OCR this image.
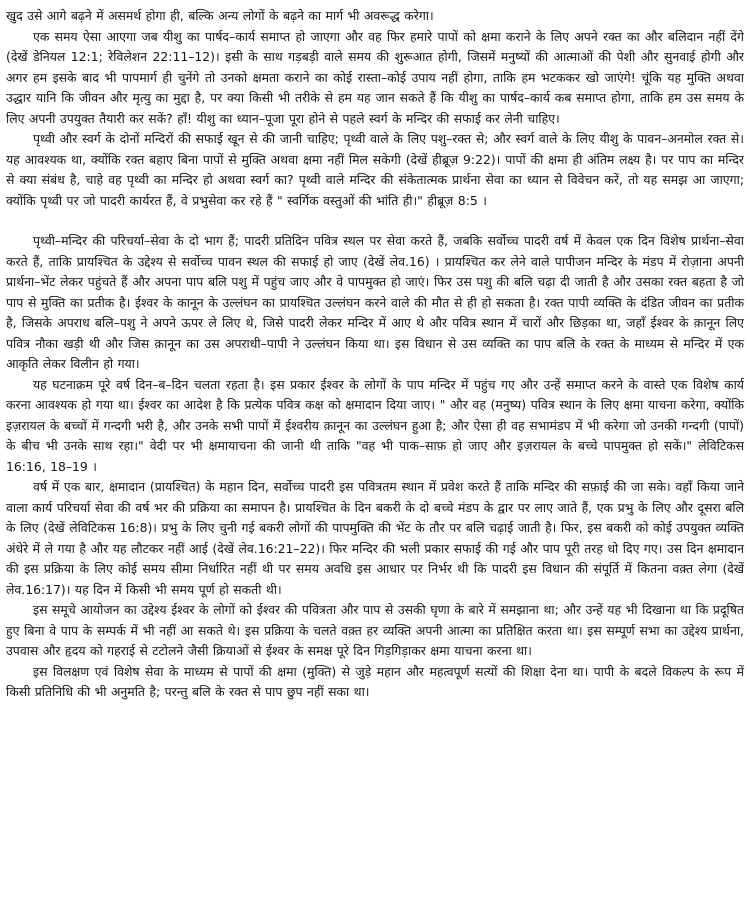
खुद उसे आगे बढ़ने में असमर्थ होगा ही, बल्कि अन्य लोगों के बढ़ने का मार्ग भी अवरूद्ध करेगा।

एक समय ऐसा आएगा जब यीशु का पार्षद–कार्य समाप्त हो जाएगा और वह फिर हमारे पापों को क्षमा कराने के लिए अपने रक्त का और बलिदान नहीं देंगे (देखें डेनियल 12:1; रेविलेशन 22:11–12)। इसी के साथ गड़बड़ी वाले समय की शुरूआत होगी, जिसमें मनुष्यों की आत्माओं की पेशी और सुनवाई होगी और अगर हम इसके बाद भी पापमार्ग ही चुनेंगे तो उनको क्षमता कराने का कोई रास्ता–कोई उपाय नहीं होगा, ताकि हम भटककर खो जाएंगे! चूंकि यह मुक्ति अथवा उद्धार यानि कि जीवन और मृत्यु का मुद्दा है, पर क्या किसी भी तरीके से हम यह जान सकते हैं कि यीशु का पार्षद–कार्य कब समाप्त होगा, ताकि हम उस समय के लिए अपनी उपयुक्त तैयारी कर सकें? हाँ! यीशु का ध्यान–पूजा पूरा होने से पहले स्वर्ग के मन्दिर की सफाई कर लेनी चाहिए।

पृथ्वी और स्वर्ग के दोनों मन्दिरों की सफाई खून से की जानी चाहिए; पृथ्वी वाले के लिए पशु–रक्त से; और स्वर्ग वाले के लिए यीशु के पावन–अनमोल रक्त से। यह आवश्यक था, क्योंकि रक्त बहाए बिना पापों से मुक्ति अथवा क्षमा नहीं मिल सकेगी (देखें हीब्रूज़ 9:22)। पापों की क्षमा ही अंतिम लक्ष्य है। पर पाप का मन्दिर से क्या संबंध है, चाहे वह पृथ्वी का मन्दिर हो अथवा स्वर्ग का? पृथ्वी वाले मन्दिर की संकेतात्मक प्रार्थना सेवा का ध्यान से विवेचन करें, तो यह समझ आ जाएगा; क्योंकि पृथ्वी पर जो पादरी कार्यरत हैं, वे प्रभुसेवा कर रहे हैं " स्वर्गिक वस्तुओं की भांति ही।" हीब्रूज़ 8:5 ।

पृथ्वी–मन्दिर की परिचर्या–सेवा के दो भाग हैं; पादरी प्रतिदिन पवित्र स्थल पर सेवा करते हैं, जबकि सर्वोच्च पादरी वर्ष में केवल एक दिन विशेष प्रार्थना–सेवा करते हैं, ताकि प्रायश्चित के उद्देश्य से सर्वोच्च पावन स्थल की सफाई हो जाए (देखें लेव.16) । प्रायश्चित कर लेने वाले पापीजन मन्दिर के मंडप में रोज़ाना अपनी प्रार्थना–भेंट लेकर पहुंचते हैं और अपना पाप बलि पशु में पहुंच जाए और वे पापमुक्त हो जाएं। फिर उस पशु की बलि चढ़ा दी जाती है और उसका रक्त बहता है जो पाप से मुक्ति का प्रतीक है। ईश्वर के कानून के उल्लंघन का प्रायश्चित उल्लंघन करने वाले की मौत से ही हो सकता है। रक्त पापी व्यक्ति के दंडित जीवन का प्रतीक है, जिसके अपराध बलि–पशु ने अपने ऊपर ले लिए थे, जिसे पादरी लेकर मन्दिर में आए थे और पवित्र स्थान में चारों और छिड़का था, जहाँ ईश्वर के क़ानून लिए पवित्र नौका खड़ी थी और जिस क़ानून का उस अपराधी–पापी ने उल्लंघन किया था। इस विधान से उस व्यक्ति का पाप बलि के रक्त के माध्यम से मन्दिर में एक आकृति लेकर विलीन हो गया।

यह घटनाक्रम पूरे वर्ष दिन–ब–दिन चलता रहता है। इस प्रकार ईश्वर के लोगों के पाप मन्दिर में पहुंच गए और उन्हें समाप्त करने के वास्ते एक विशेष कार्य करना आवश्यक हो गया था। ईश्वर का आदेश है कि प्रत्येक पवित्र कक्ष को क्षमादान दिया जाए। " और वह (मनुष्य) पवित्र स्थान के लिए क्षमा याचना करेगा, क्योंकि इज़रायल के बच्चों में गन्दगी भरी है, और उनके सभी पापों में ईश्वरीय क़ानून का उल्लंघन हुआ है; और ऐसा ही वह सभामंडप में भी करेगा जो उनकी गन्दगी (पापों) के बीच भी उनके साथ रहा।" वेदी पर भी क्षमायाचना की जानी थी ताकि "वह भी पाक–साफ़ हो जाए और इज़रायल के बच्चे पापमुक्त हो सकें।" लेविटिकस 16:16, 18–19 ।

वर्ष में एक बार, क्षमादान (प्रायश्चित) के महान दिन, सर्वोच्च पादरी इस पवित्रतम स्थान में प्रवेश करते हैं ताकि मन्दिर की सफ़ाई की जा सके। वहाँ किया जाने वाला कार्य परिचर्या सेवा की वर्ष भर की प्रक्रिया का समापन है। प्रायश्चित के दिन बकरी के दो बच्चे मंडप के द्वार पर लाए जाते हैं, एक प्रभु के लिए और दूसरा बलि के लिए (देखें लेविटिकस 16:8)। प्रभु के लिए चुनी गई बकरी लोगों की पापमुक्ति की भेंट के तौर पर बलि चढ़ाई जाती है। फिर, इस बकरी को कोई उपयुक्त व्यक्ति अंधेरे में ले गया है और यह लौटकर नहीं आई (देखें लेव.16:21–22)। फिर मन्दिर की भली प्रकार सफाई की गई और पाप पूरी तरह धो दिए गए। उस दिन क्षमादान की इस प्रक्रिया के लिए कोई समय सीमा निर्धारित नहीं थी पर समय अवधि इस आधार पर निर्भर थी कि पादरी इस विधान की संपूर्ति में कितना वक़्त लेगा (देखें लेव.16:17)। यह दिन में किसी भी समय पूर्ण हो सकती थी।

इस समूचे आयोजन का उद्देश्य ईश्वर के लोगों को ईश्वर की पवित्रता और पाप से उसकी घृणा के बारे में समझाना था; और उन्हें यह भी दिखाना था कि प्रदूषित हुए बिना वे पाप के सम्पर्क में भी नहीं आ सकते थे। इस प्रक्रिया के चलते वक़्त हर व्यक्ति अपनी आत्मा का प्रतिक्षित करता था। इस सम्पूर्ण सभा का उद्देश्य प्रार्थना, उपवास और हृदय को गहराई से टटोलने जैसी क्रियाओं से ईश्वर के समक्ष पूरे दिन गिड़गिड़ाकर क्षमा याचना करना था।

इस विलक्षण एवं विशेष सेवा के माध्यम से पापों की क्षमा (मुक्ति) से जुड़े महान और महत्वपूर्ण सत्यों की शिक्षा देना था। पापी के बदले विकल्प के रूप में किसी प्रतिनिधि की भी अनुमति है; परन्तु बलि के रक्त से पाप छुप नहीं सका था।
